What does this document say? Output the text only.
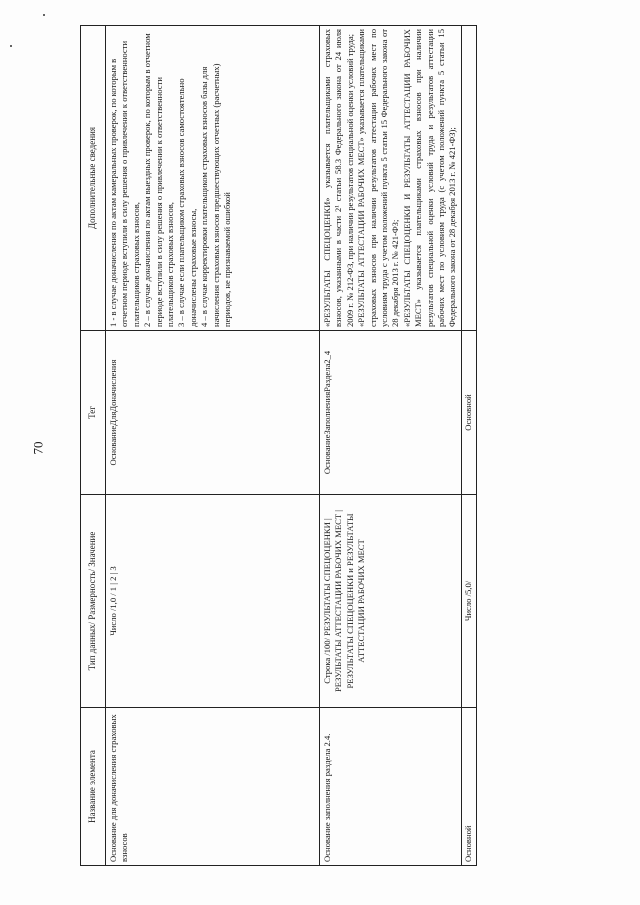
70
Название элемента	Тип данных/ Размерность/ Значение	Тег	Дополнительные сведения
Основание для доначисления страховых взносов	Число /1,0 / 1 | 2 | 3	ОснованиеДляДоначисления	1 - в случае доначисления по актам камеральных проверок, по которым в отчетном периоде вступили в силу решения о привлечении к ответственности плательщиков страховых взносов, 2 – в случае доначисления по актам выездных проверок, по которым в отчетном периоде вступили в силу решения о привлечении к ответственности плательщиков страховых взносов, 3 – в случае если плательщиком страховых взносов самостоятельно доначислены страховые взносы, 4 – в случае корректировки плательщиком страховых взносов базы для начисления страховых взносов предшествующих отчетных (расчетных) периодов, не признаваемой ошибкой

Основание заполнения раздела 2.4.	Строка /100/ РЕЗУЛЬТАТЫ СПЕЦОЦЕНКИ | РЕЗУЛЬТАТЫ АТТЕСТАЦИИ РАБОЧИХ МЕСТ | РЕЗУЛЬТАТЫ СПЕЦОЦЕНКИ и РЕЗУЛЬТАТЫ АТТЕСТАЦИИ РАБОЧИХ МЕСТ	ОснованиеЗаполненияРаздела2_4	«РЕЗУЛЬТАТЫ СПЕЦОЦЕНКИ» указывается плательщиками страховых взносов, указанными в части 2¹ статьи 58.3 Федерального закона от 24 июля 2009 г. № 212-ФЗ, при наличии результатов специальной оценки условий труда; «РЕЗУЛЬТАТЫ АТТЕСТАЦИИ РАБОЧИХ МЕСТ» указывается плательщиками страховых взносов при наличии результатов аттестации рабочих мест по условиям труда с учетом положений пункта 5 статьи 15 Федерального закона от 28 декабря 2013 г. № 421-ФЗ; «РЕЗУЛЬТАТЫ СПЕЦОЦЕНКИ И РЕЗУЛЬТАТЫ АТТЕСТАЦИИ РАБОЧИХ МЕСТ» указывается плательщиками страховых взносов при наличии результатов специальной оценки условий труда и результатов аттестации рабочих мест по условиям труда (с учетом положений пункта 5 статьи 15 Федерального закона от 28 декабря 2013 г. № 421-ФЗ);

Основной	Число /5,0/	Основной	
